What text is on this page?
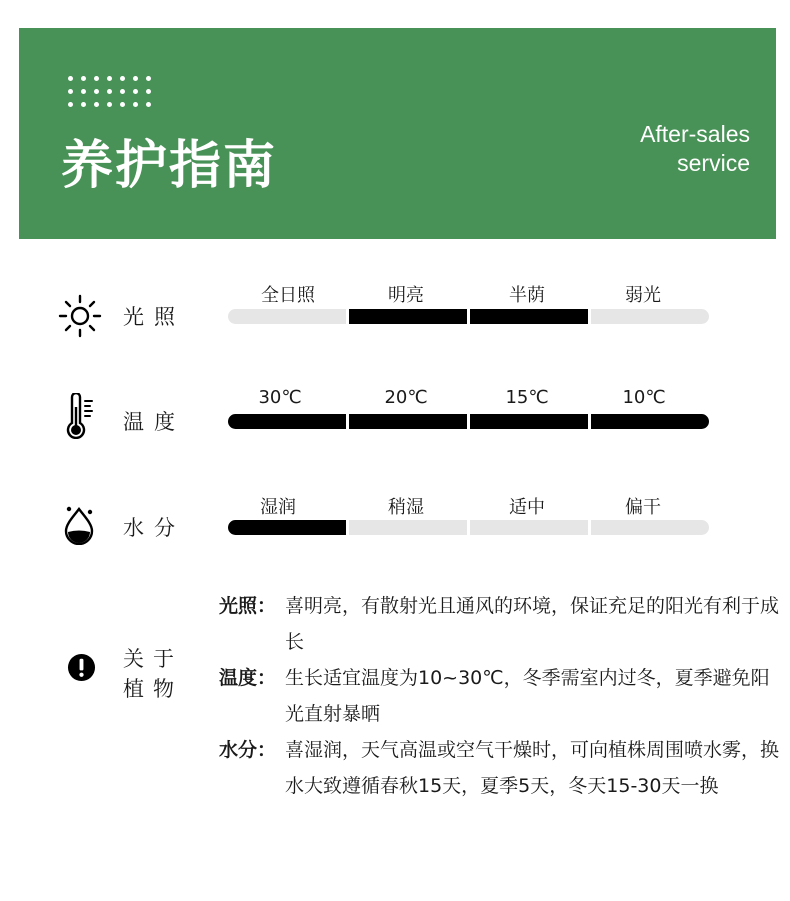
养护指南
After-sales
service
光照
全日照	明亮	半荫	弱光
温度
30℃	20℃	15℃	10℃
水分
湿润	稍湿	适中	偏干
关于
植物
光照： 喜明亮，有散射光且通风的环境，保证充足的阳光有利于成长
温度： 生长适宜温度为10~30℃，冬季需室内过冬，夏季避免阳光直射暴晒
水分： 喜湿润，天气高温或空气干燥时，可向植株周围喷水雾，换水大致遵循春秋15天，夏季5天，冬天15-30天一换
